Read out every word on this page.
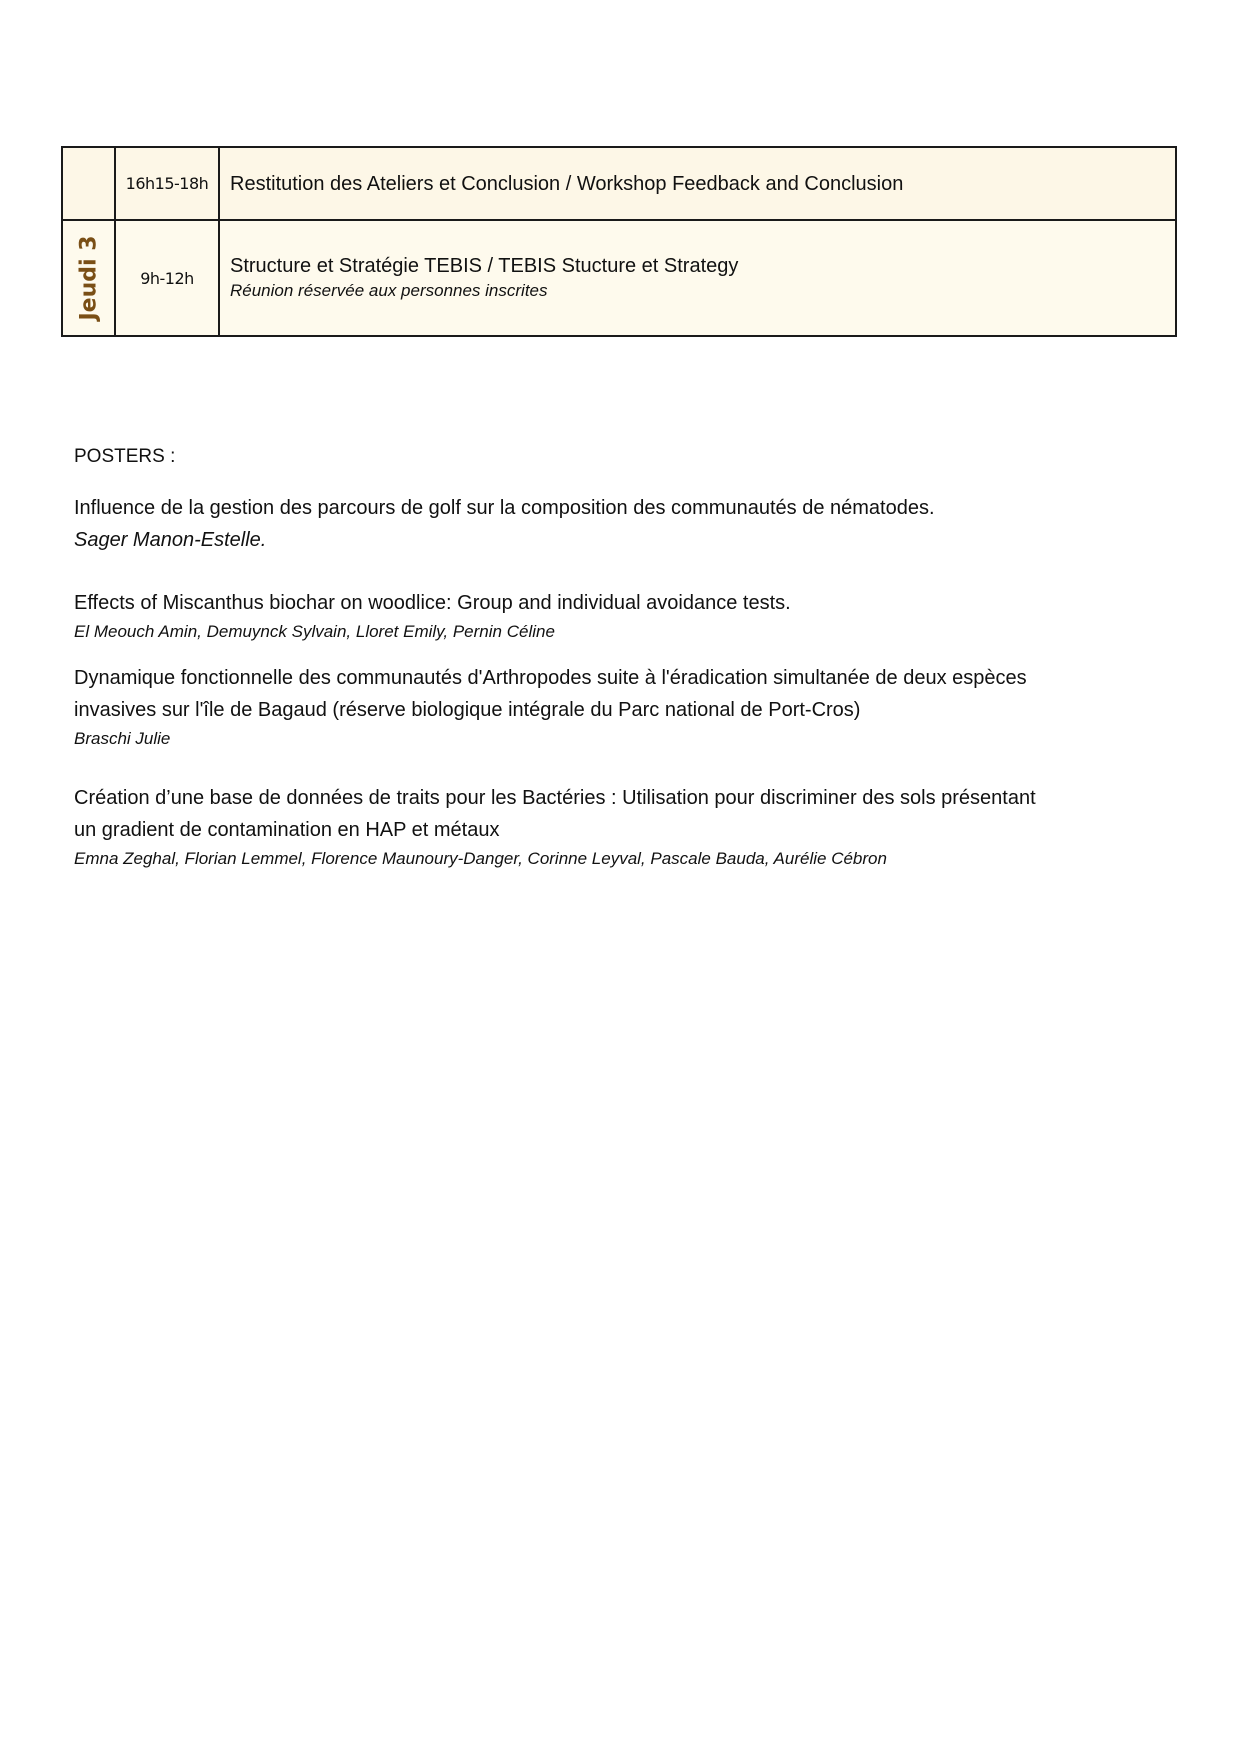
	16h15-18h	Restitution des Ateliers et Conclusion / Workshop Feedback and Conclusion

Jeudi 3	9h-12h	Structure et Stratégie TEBIS / TEBIS Stucture et Strategy
Réunion réservée aux personnes inscrites
POSTERS :
Influence de la gestion des parcours de golf sur la composition des communautés de nématodes.
Sager Manon-Estelle.
Effects of Miscanthus biochar on woodlice: Group and individual avoidance tests.
El Meouch Amin, Demuynck Sylvain, Lloret Emily, Pernin Céline
Dynamique fonctionnelle des communautés d'Arthropodes suite à l'éradication simultanée de deux espèces
invasives sur l'île de Bagaud (réserve biologique intégrale du Parc national de Port-Cros)
Braschi Julie
Création d’une base de données de traits pour les Bactéries : Utilisation pour discriminer des sols présentant
un gradient de contamination en HAP et métaux
Emna Zeghal, Florian Lemmel, Florence Maunoury-Danger, Corinne Leyval, Pascale Bauda, Aurélie Cébron
